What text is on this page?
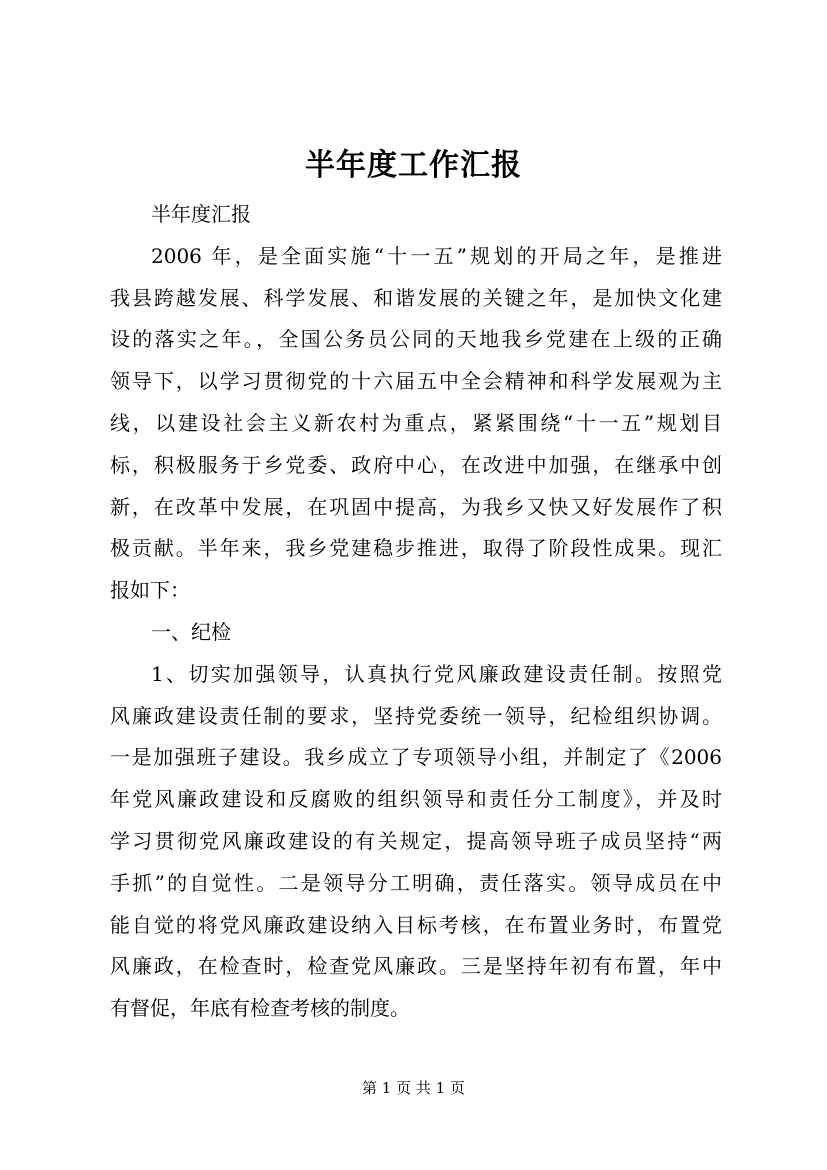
半年度工作汇报
半年度汇报
2006 年，是全面实施“十一五”规划的开局之年，是推进
我县跨越发展、科学发展、和谐发展的关键之年，是加快文化建
设的落实之年。，全国公务员公同的天地我乡党建在上级的正确
领导下，以学习贯彻党的十六届五中全会精神和科学发展观为主
线，以建设社会主义新农村为重点，紧紧围绕“十一五”规划目
标，积极服务于乡党委、政府中心，在改进中加强，在继承中创
新，在改革中发展，在巩固中提高，为我乡又快又好发展作了积
极贡献。半年来，我乡党建稳步推进，取得了阶段性成果。现汇
报如下：
一、纪检
1、切实加强领导，认真执行党风廉政建设责任制。按照党
风廉政建设责任制的要求，坚持党委统一领导，纪检组织协调。
一是加强班子建设。我乡成立了专项领导小组，并制定了《2006
年党风廉政建设和反腐败的组织领导和责任分工制度》，并及时
学习贯彻党风廉政建设的有关规定，提高领导班子成员坚持“两
手抓”的自觉性。二是领导分工明确，责任落实。领导成员在中
能自觉的将党风廉政建设纳入目标考核，在布置业务时，布置党
风廉政，在检查时，检查党风廉政。三是坚持年初有布置，年中
有督促，年底有检查考核的制度。
第 1 页 共 1 页
